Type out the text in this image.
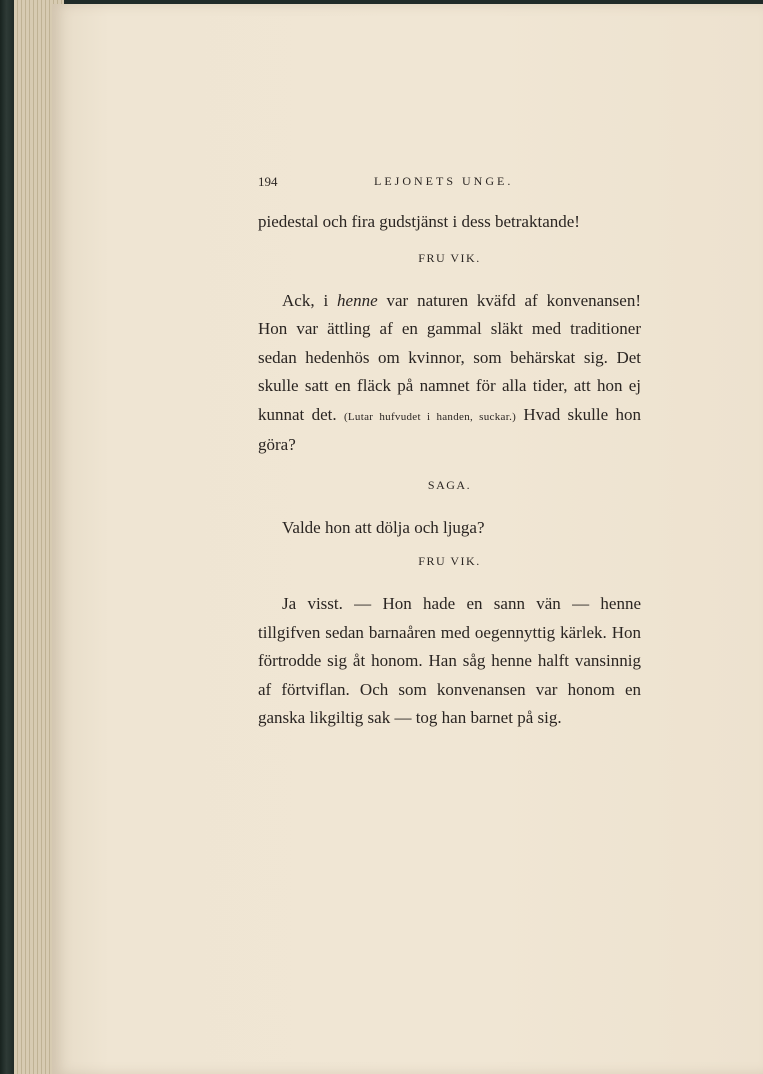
194	LEJONETS UNGE.

piedestal och fira gudstjänst i dess betraktande!

FRU VIK.

Ack, i henne var naturen kväfd af konvenansen! Hon var ättling af en gammal släkt med traditioner sedan hedenhös om kvinnor, som behärskat sig. Det skulle satt en fläck på namnet för alla tider, att hon ej kunnat det. (Lutar hufvudet i handen, suckar.) Hvad skulle hon göra?

SAGA.

Valde hon att dölja och ljuga?

FRU VIK.

Ja visst. — Hon hade en sann vän — henne tillgifven sedan barnaåren med oegennyttig kärlek. Hon förtrodde sig åt honom. Han såg henne halft vansinnig af förtviflan. Och som konvenansen var honom en ganska likgiltig sak — tog han barnet på sig.
